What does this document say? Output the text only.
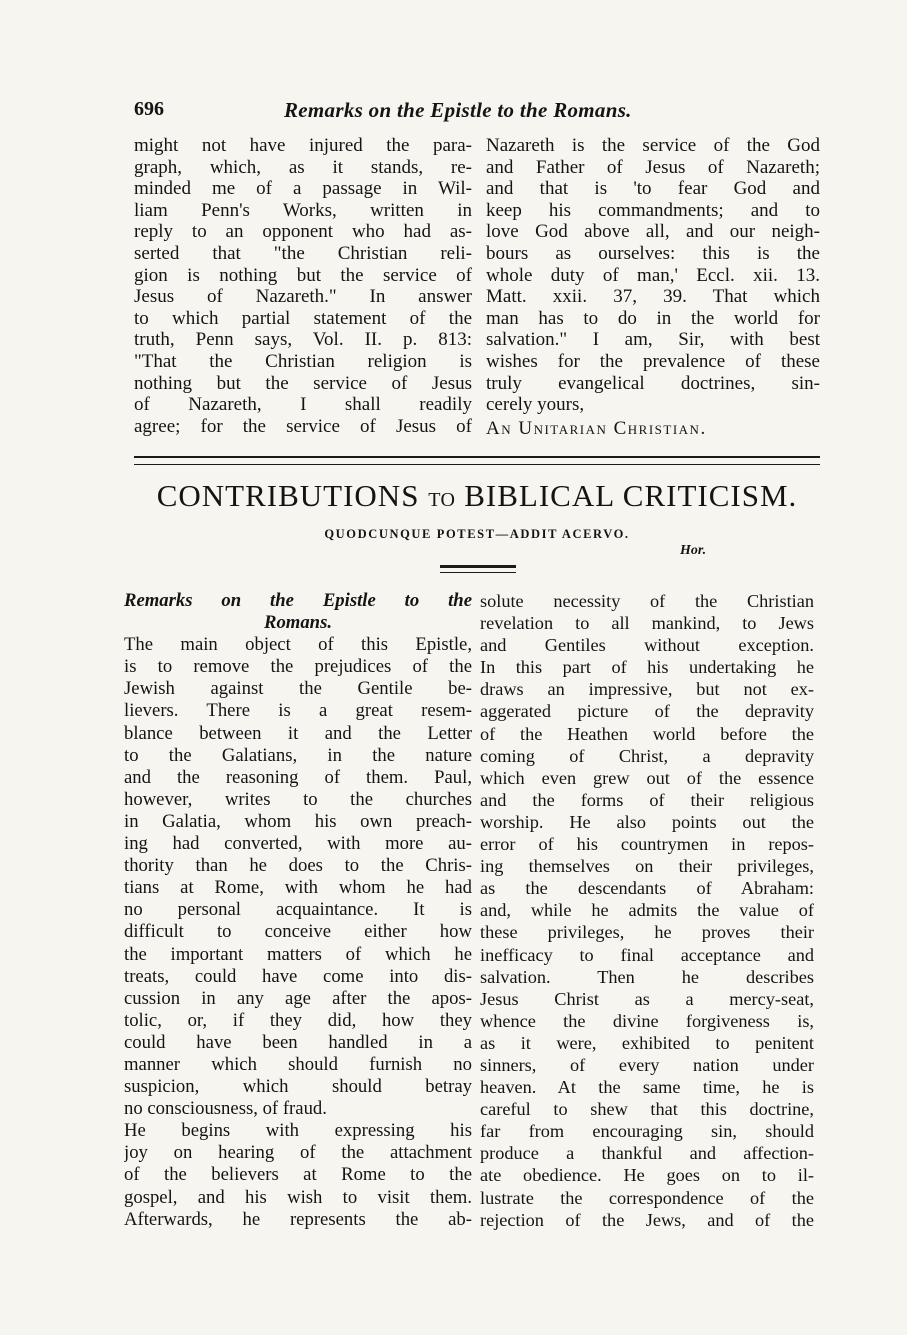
696	Remarks on the Epistle to the Romans.
might not have injured the para-
graph, which, as it stands, re-
minded me of a passage in Wil-
liam Penn's Works, written in
reply to an opponent who had as-
serted that "the Christian reli-
gion is nothing but the service of
Jesus of Nazareth." In answer
to which partial statement of the
truth, Penn says, Vol. II. p. 813:
"That the Christian religion is
nothing but the service of Jesus
of Nazareth, I shall readily
agree; for the service of Jesus of
Nazareth is the service of the God
and Father of Jesus of Nazareth;
and that is 'to fear God and
keep his commandments; and to
love God above all, and our neigh-
bours as ourselves: this is the
whole duty of man,' Eccl. xii. 13.
Matt. xxii. 37, 39. That which
man has to do in the world for
salvation." I am, Sir, with best
wishes for the prevalence of these
truly evangelical doctrines, sin-
cerely yours,
An Unitarian Christian.
CONTRIBUTIONS TO BIBLICAL CRITICISM.
QUODCUNQUE POTEST—ADDIT ACERVO.
Hor.
Remarks on the Epistle to the
Romans.
The main object of this Epistle,
is to remove the prejudices of the
Jewish against the Gentile be-
lievers. There is a great resem-
blance between it and the Letter
to the Galatians, in the nature
and the reasoning of them. Paul,
however, writes to the churches
in Galatia, whom his own preach-
ing had converted, with more au-
thority than he does to the Chris-
tians at Rome, with whom he had
no personal acquaintance. It is
difficult to conceive either how
the important matters of which he
treats, could have come into dis-
cussion in any age after the apos-
tolic, or, if they did, how they
could have been handled in a
manner which should furnish no
suspicion, which should betray
no consciousness, of fraud.
He begins with expressing his
joy on hearing of the attachment
of the believers at Rome to the
gospel, and his wish to visit them.
Afterwards, he represents the ab-
solute necessity of the Christian
revelation to all mankind, to Jews
and Gentiles without exception.
In this part of his undertaking he
draws an impressive, but not ex-
aggerated picture of the depravity
of the Heathen world before the
coming of Christ, a depravity
which even grew out of the essence
and the forms of their religious
worship. He also points out the
error of his countrymen in repos-
ing themselves on their privileges,
as the descendants of Abraham:
and, while he admits the value of
these privileges, he proves their
inefficacy to final acceptance and
salvation. Then he describes
Jesus Christ as a mercy-seat,
whence the divine forgiveness is,
as it were, exhibited to penitent
sinners, of every nation under
heaven. At the same time, he is
careful to shew that this doctrine,
far from encouraging sin, should
produce a thankful and affection-
ate obedience. He goes on to il-
lustrate the correspondence of the
rejection of the Jews, and of the
